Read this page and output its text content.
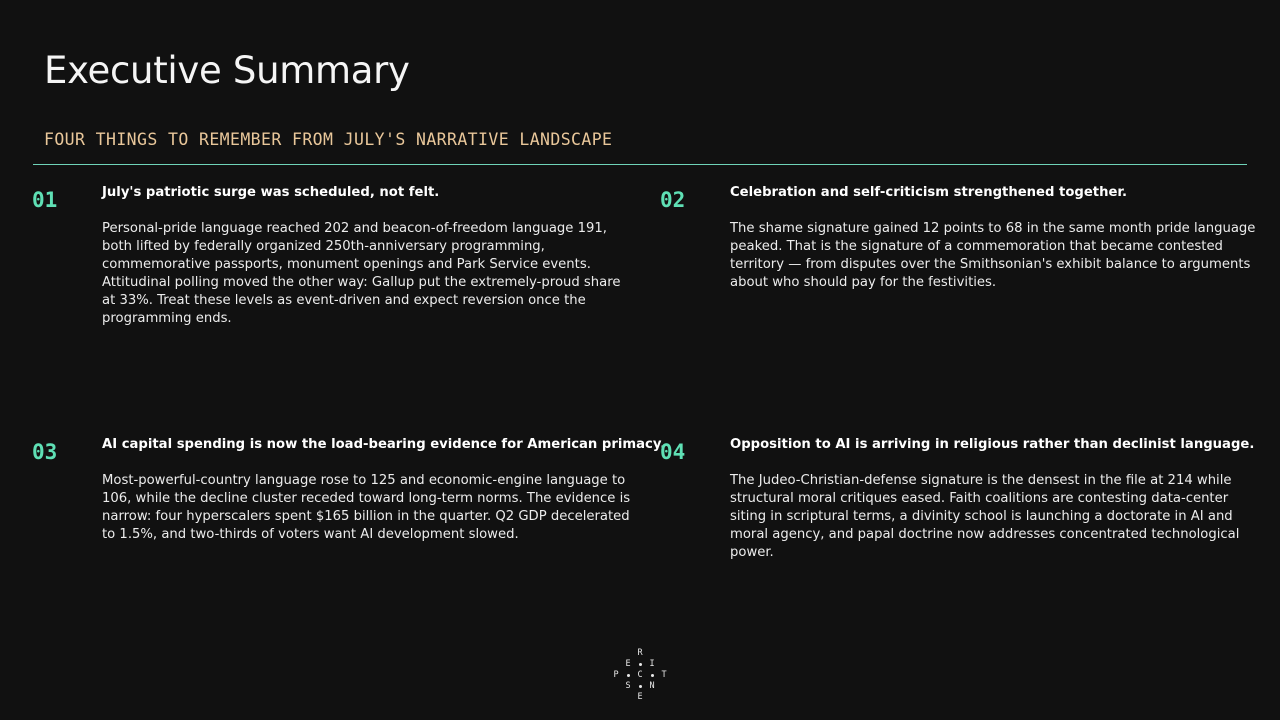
Executive Summary
FOUR THINGS TO REMEMBER FROM JULY'S NARRATIVE LANDSCAPE
01	July's patriotic surge was scheduled, not felt.
Personal-pride language reached 202 and beacon-of-freedom language 191, both lifted by federally organized 250th-anniversary programming, commemorative passports, monument openings and Park Service events. Attitudinal polling moved the other way: Gallup put the extremely-proud share at 33%. Treat these levels as event-driven and expect reversion once the programming ends.
02	Celebration and self-criticism strengthened together.
The shame signature gained 12 points to 68 in the same month pride language peaked. That is the signature of a commemoration that became contested territory — from disputes over the Smithsonian's exhibit balance to arguments about who should pay for the festivities.
03	AI capital spending is now the load-bearing evidence for American primacy.
Most-powerful-country language rose to 125 and economic-engine language to 106, while the decline cluster receded toward long-term norms. The evidence is narrow: four hyperscalers spent $165 billion in the quarter. Q2 GDP decelerated to 1.5%, and two-thirds of voters want AI development slowed.
04	Opposition to AI is arriving in religious rather than declinist language.
The Judeo-Christian-defense signature is the densest in the file at 214 while structural moral critiques eased. Faith coalitions are contesting data-center siting in scriptural terms, a divinity school is launching a doctorate in AI and moral agency, and papal doctrine now addresses concentrated technological power.
R
E I
P C T
S N
E
